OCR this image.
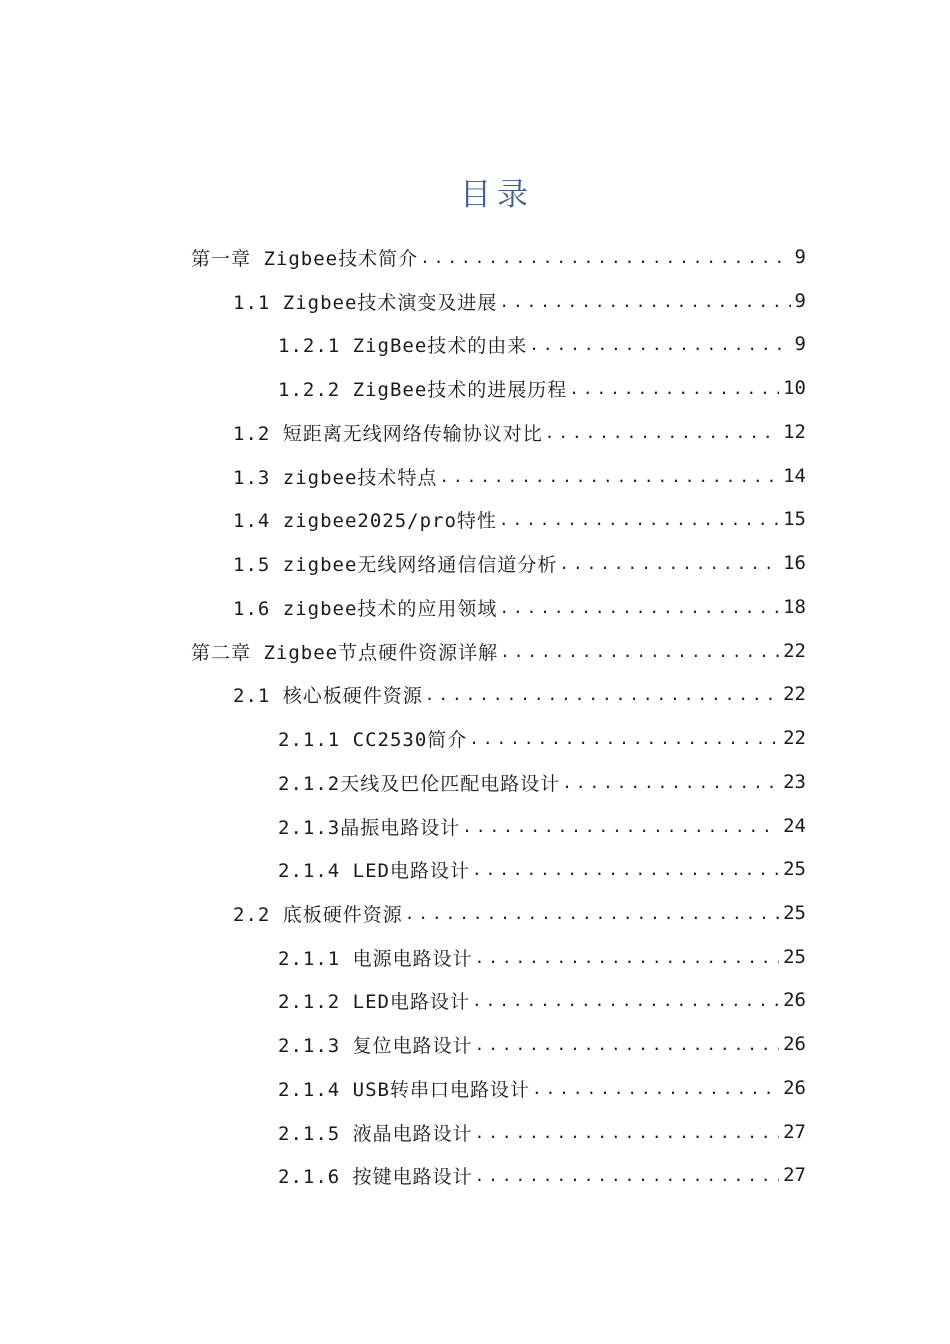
目录
第一章 Zigbee技术简介 .....	9
1.1 Zigbee技术演变及进展 .....	9
1.2.1 ZigBee技术的由来 .....	9
1.2.2 ZigBee技术的进展历程 .....	10
1.2 短距离无线网络传输协议对比 .....	12
1.3 zigbee技术特点 .....	14
1.4 zigbee2025/pro特性 .....	15
1.5 zigbee无线网络通信信道分析 .....	16
1.6 zigbee技术的应用领域 .....	18
第二章 Zigbee节点硬件资源详解 .....	22
2.1 核心板硬件资源 .....	22
2.1.1 CC2530简介 .....	22
2.1.2天线及巴伦匹配电路设计 .....	23
2.1.3晶振电路设计 .....	24
2.1.4 LED电路设计 .....	25
2.2 底板硬件资源 .....	25
2.1.1 电源电路设计 .....	25
2.1.2 LED电路设计 .....	26
2.1.3 复位电路设计 .....	26
2.1.4 USB转串口电路设计 .....	26
2.1.5 液晶电路设计 .....	27
2.1.6 按键电路设计 .....	27
